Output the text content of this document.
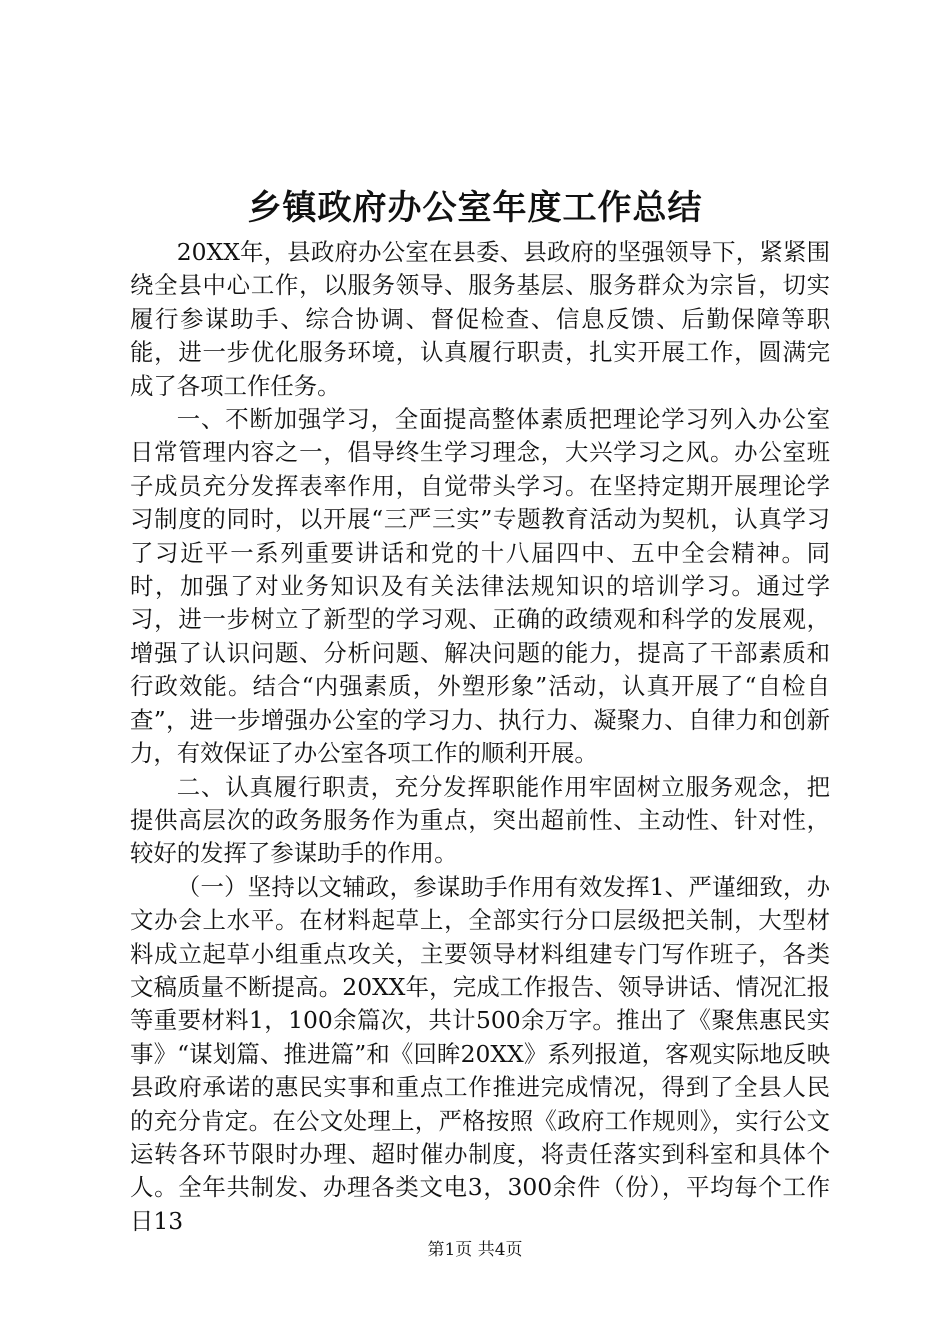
乡镇政府办公室年度工作总结

20XX年，县政府办公室在县委、县政府的坚强领导下，紧紧围绕全县中心工作，以服务领导、服务基层、服务群众为宗旨，切实履行参谋助手、综合协调、督促检查、信息反馈、后勤保障等职能，进一步优化服务环境，认真履行职责，扎实开展工作，圆满完成了各项工作任务。

一、不断加强学习，全面提高整体素质把理论学习列入办公室日常管理内容之一，倡导终生学习理念，大兴学习之风。办公室班子成员充分发挥表率作用，自觉带头学习。在坚持定期开展理论学习制度的同时，以开展“三严三实”专题教育活动为契机，认真学习了习近平一系列重要讲话和党的十八届四中、五中全会精神。同时，加强了对业务知识及有关法律法规知识的培训学习。通过学习，进一步树立了新型的学习观、正确的政绩观和科学的发展观，增强了认识问题、分析问题、解决问题的能力，提高了干部素质和行政效能。结合“内强素质，外塑形象”活动，认真开展了“自检自查”，进一步增强办公室的学习力、执行力、凝聚力、自律力和创新力，有效保证了办公室各项工作的顺利开展。

二、认真履行职责，充分发挥职能作用牢固树立服务观念，把提供高层次的政务服务作为重点，突出超前性、主动性、针对性，较好的发挥了参谋助手的作用。

（一）坚持以文辅政，参谋助手作用有效发挥1、严谨细致，办文办会上水平。在材料起草上，全部实行分口层级把关制，大型材料成立起草小组重点攻关，主要领导材料组建专门写作班子，各类文稿质量不断提高。20XX年，完成工作报告、领导讲话、情况汇报等重要材料1，100余篇次，共计500余万字。推出了《聚焦惠民实事》“谋划篇、推进篇”和《回眸20XX》系列报道，客观实际地反映县政府承诺的惠民实事和重点工作推进完成情况，得到了全县人民的充分肯定。在公文处理上，严格按照《政府工作规则》，实行公文运转各环节限时办理、超时催办制度，将责任落实到科室和具体个人。全年共制发、办理各类文电3，300余件（份），平均每个工作日13

第1页 共4页
